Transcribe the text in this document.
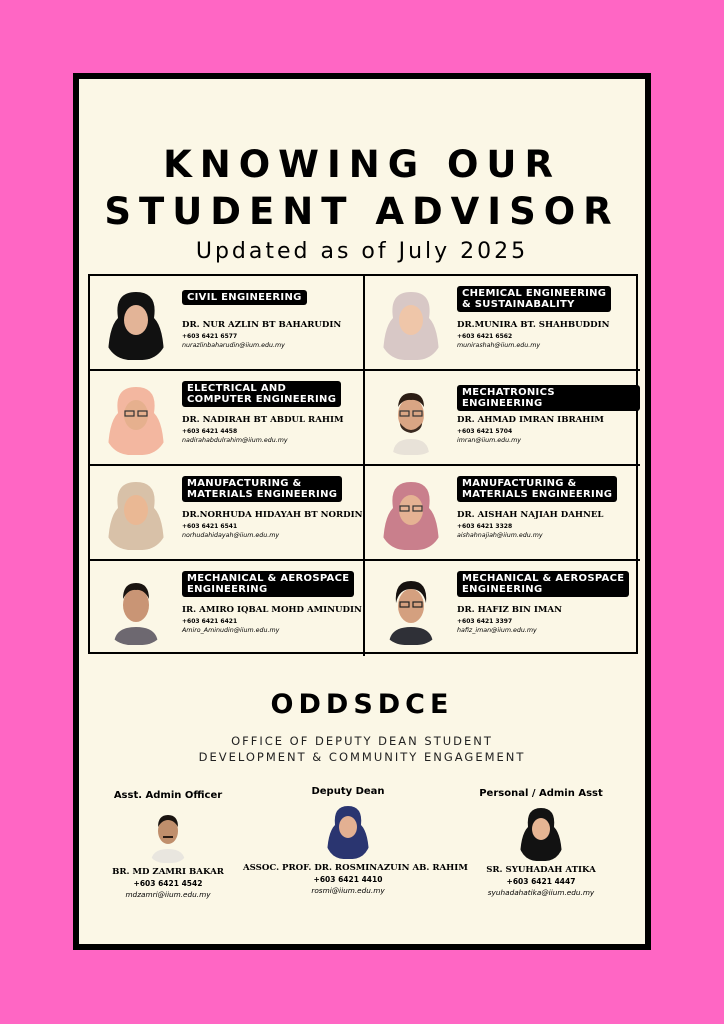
KNOWING OUR
STUDENT ADVISOR
Updated as of July 2025
CIVIL ENGINEERING
DR. NUR AZLIN BT BAHARUDIN
+603 6421 6577
nurazlinbaharudin@iium.edu.my
CHEMICAL ENGINEERING
& SUSTAINABALITY
DR.MUNIRA BT. SHAHBUDDIN
+603 6421 6562
munirashah@iium.edu.my
ELECTRICAL AND
COMPUTER ENGINEERING
DR. NADIRAH BT ABDUL RAHIM
+603 6421 4458
nadirahabdulrahim@iium.edu.my
MECHATRONICS ENGINEERING
DR. AHMAD IMRAN IBRAHIM
+603 6421 5704
imran@iium.edu.my
MANUFACTURING &
MATERIALS ENGINEERING
DR.NORHUDA HIDAYAH BT NORDIN
+603 6421 6541
norhudahidayah@iium.edu.my
MANUFACTURING &
MATERIALS ENGINEERING
DR. AISHAH NAJIAH DAHNEL
+603 6421 3328
aishahnajiah@iium.edu.my
MECHANICAL & AEROSPACE
ENGINEERING
IR. AMIRO IQBAL MOHD AMINUDIN
+603 6421 6421
Amiro_Aminudin@iium.edu.my
MECHANICAL & AEROSPACE
ENGINEERING
DR. HAFIZ BIN IMAN
+603 6421 3397
hafiz_iman@iium.edu.my
ODDSDCE
OFFICE OF DEPUTY DEAN STUDENT
DEVELOPMENT & COMMUNITY ENGAGEMENT
Asst. Admin Officer
BR. MD ZAMRI BAKAR
+603 6421 4542
mdzamri@iium.edu.my
Deputy Dean
ASSOC. PROF. DR. ROSMINAZUIN AB. RAHIM
+603 6421 4410
rosmi@iium.edu.my
Personal / Admin Asst
SR. SYUHADAH ATIKA
+603 6421 4447
syuhadahatika@iium.edu.my
